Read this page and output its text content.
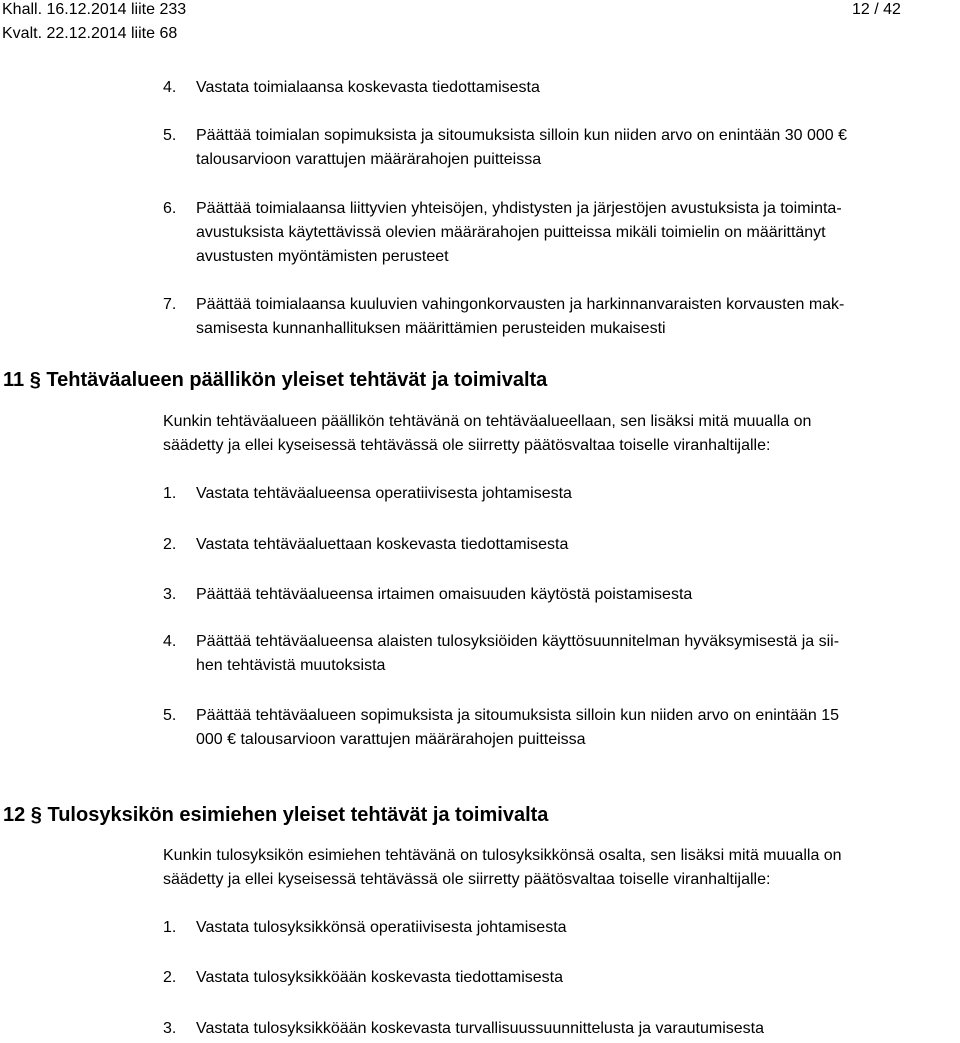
Khall. 16.12.2014 liite 233
Kvalt. 22.12.2014 liite 68
12 / 42
4. Vastata toimialaansa koskevasta tiedottamisesta
5. Päättää toimialan sopimuksista ja sitoumuksista silloin kun niiden arvo on enintään 30 000 €
talousarvioon varattujen määrärahojen puitteissa
6. Päättää toimialaansa liittyvien yhteisöjen, yhdistysten ja järjestöjen avustuksista ja toiminta-
avustuksista käytettävissä olevien määrärahojen puitteissa mikäli toimielin on määrittänyt
avustusten myöntämisten perusteet
7. Päättää toimialaansa kuuluvien vahingonkorvausten ja harkinnanvaraisten korvausten mak-
samisesta kunnanhallituksen määrittämien perusteiden mukaisesti
11 § Tehtäväalueen päällikön yleiset tehtävät ja toimivalta
Kunkin tehtäväalueen päällikön tehtävänä on tehtäväalueellaan, sen lisäksi mitä muualla on
säädetty ja ellei kyseisessä tehtävässä ole siirretty päätösvaltaa toiselle viranhaltijalle:
1. Vastata tehtäväalueensa operatiivisesta johtamisesta
2. Vastata tehtäväaluettaan koskevasta tiedottamisesta
3. Päättää tehtäväalueensa irtaimen omaisuuden käytöstä poistamisesta
4. Päättää tehtäväalueensa alaisten tulosyksiöiden käyttösuunnitelman hyväksymisestä ja sii-
hen tehtävistä muutoksista
5. Päättää tehtäväalueen sopimuksista ja sitoumuksista silloin kun niiden arvo on enintään 15
000 € talousarvioon varattujen määrärahojen puitteissa
12 § Tulosyksikön esimiehen yleiset tehtävät ja toimivalta
Kunkin tulosyksikön esimiehen tehtävänä on tulosyksikkönsä osalta, sen lisäksi mitä muualla on
säädetty ja ellei kyseisessä tehtävässä ole siirretty päätösvaltaa toiselle viranhaltijalle:
1. Vastata tulosyksikkönsä operatiivisesta johtamisesta
2. Vastata tulosyksikköään koskevasta tiedottamisesta
3. Vastata tulosyksikköään koskevasta turvallisuussuunnittelusta ja varautumisesta
